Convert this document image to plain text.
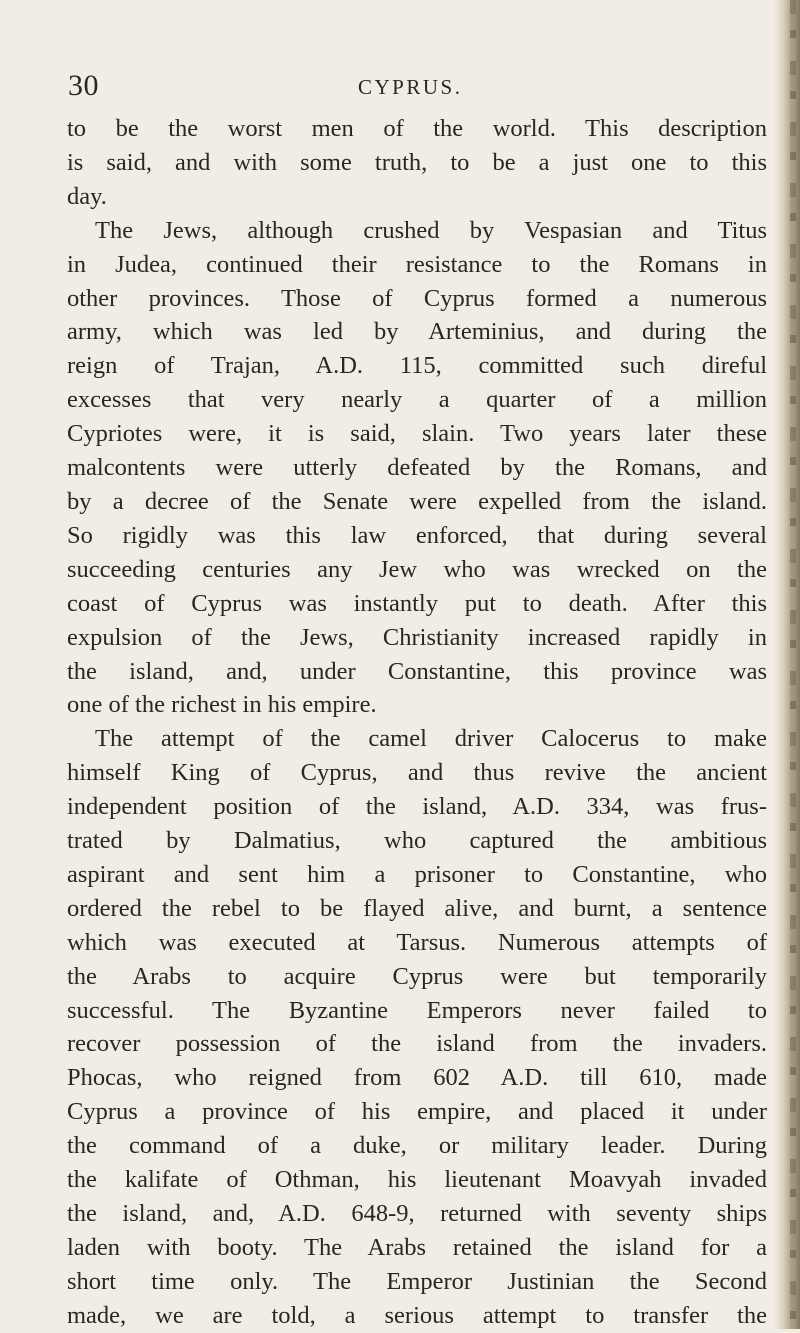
30	CYPRUS.
to be the worst men of the world. This description
is said, and with some truth, to be a just one to this
day.
The Jews, although crushed by Vespasian and Titus
in Judea, continued their resistance to the Romans in
other provinces. Those of Cyprus formed a numerous
army, which was led by Arteminius, and during the
reign of Trajan, A.D. 115, committed such direful
excesses that very nearly a quarter of a million
Cypriotes were, it is said, slain. Two years later these
malcontents were utterly defeated by the Romans, and
by a decree of the Senate were expelled from the island.
So rigidly was this law enforced, that during several
succeeding centuries any Jew who was wrecked on the
coast of Cyprus was instantly put to death. After this
expulsion of the Jews, Christianity increased rapidly in
the island, and, under Constantine, this province was
one of the richest in his empire.
The attempt of the camel driver Calocerus to make
himself King of Cyprus, and thus revive the ancient
independent position of the island, A.D. 334, was frus-
trated by Dalmatius, who captured the ambitious
aspirant and sent him a prisoner to Constantine, who
ordered the rebel to be flayed alive, and burnt, a sentence
which was executed at Tarsus. Numerous attempts of
the Arabs to acquire Cyprus were but temporarily
successful. The Byzantine Emperors never failed to
recover possession of the island from the invaders.
Phocas, who reigned from 602 A.D. till 610, made
Cyprus a province of his empire, and placed it under
the command of a duke, or military leader. During
the kalifate of Othman, his lieutenant Moavyah invaded
the island, and, A.D. 648-9, returned with seventy ships
laden with booty. The Arabs retained the island for a
short time only. The Emperor Justinian the Second
made, we are told, a serious attempt to transfer the
